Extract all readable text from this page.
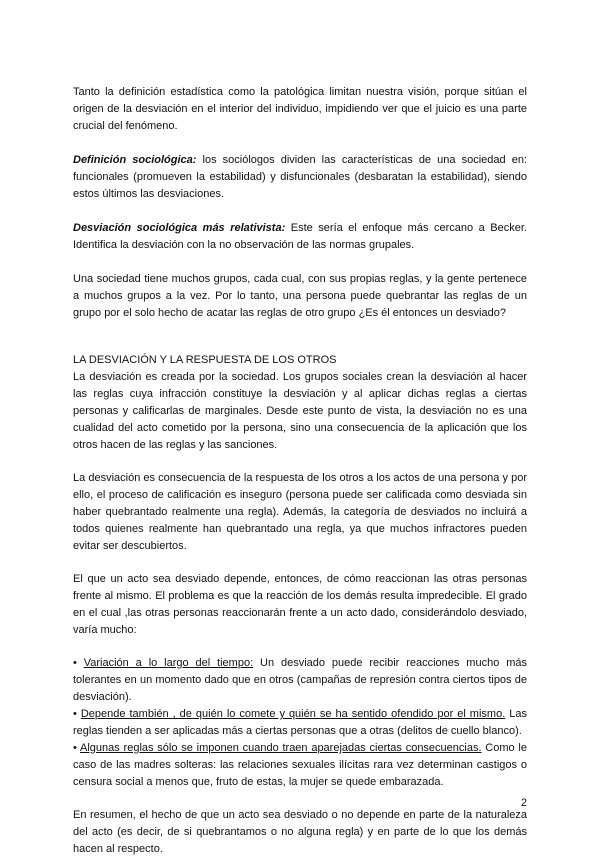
Tanto la definición estadística como la patológica limitan nuestra visión, porque sitúan el origen de la desviación en el interior del individuo, impidiendo ver que el juicio es una parte crucial del fenómeno.

Definición sociológica: los sociólogos dividen las características de una sociedad en: funcionales (promueven la estabilidad) y disfuncionales (desbaratan la estabilidad), siendo estos últimos las desviaciones.

Desviación sociológica más relativista: Este sería el enfoque más cercano a Becker. Identifica la desviación con la no observación de las normas grupales.

Una sociedad tiene muchos grupos, cada cual, con sus propias reglas, y la gente pertenece a muchos grupos a la vez. Por lo tanto, una persona puede quebrantar las reglas de un grupo por el solo hecho de acatar las reglas de otro grupo ¿Es él entonces un desviado?

LA DESVIACIÓN Y LA RESPUESTA DE LOS OTROS

La desviación es creada por la sociedad. Los grupos sociales crean la desviación al hacer las reglas cuya infracción constituye la desviación y al aplicar dichas reglas a ciertas personas y calificarlas de marginales. Desde este punto de vista, la desviación no es una cualidad del acto cometido por la persona, sino una consecuencia de la aplicación que los otros hacen de las reglas y las sanciones.

La desviación es consecuencia de la respuesta de los otros a los actos de una persona y por ello, el proceso de calificación es inseguro (persona puede ser calificada como desviada sin haber quebrantado realmente una regla). Además, la categoría de desviados no incluirá a todos quienes realmente han quebrantado una regla, ya que muchos infractores pueden evitar ser descubiertos.

El que un acto sea desviado depende, entonces, de cómo reaccionan las otras personas frente al mismo. El problema es que la reacción de los demás resulta impredecible. El grado en el cual ,las otras personas reaccionarán frente a un acto dado, considerándolo desviado, varía mucho:

• Variación a lo largo del tiempo: Un desviado puede recibir reacciones mucho más tolerantes en un momento dado que en otros (campañas de represión contra ciertos tipos de desviación).

• Depende también , de quién lo comete y quién se ha sentido ofendido por el mismo. Las reglas tienden a ser aplicadas más a ciertas personas que a otras (delitos de cuello blanco).

• Algunas reglas sólo se imponen cuando traen aparejadas ciertas consecuencias. Como le caso de las madres solteras: las relaciones sexuales ilícitas rara vez determinan castigos o censura social a menos que, fruto de estas, la mujer se quede embarazada.

En resumen, el hecho de que un acto sea desviado o no depende en parte de la naturaleza del acto (es decir, de si quebrantamos o no alguna regla) y en parte de lo que los demás hacen al respecto.

2
